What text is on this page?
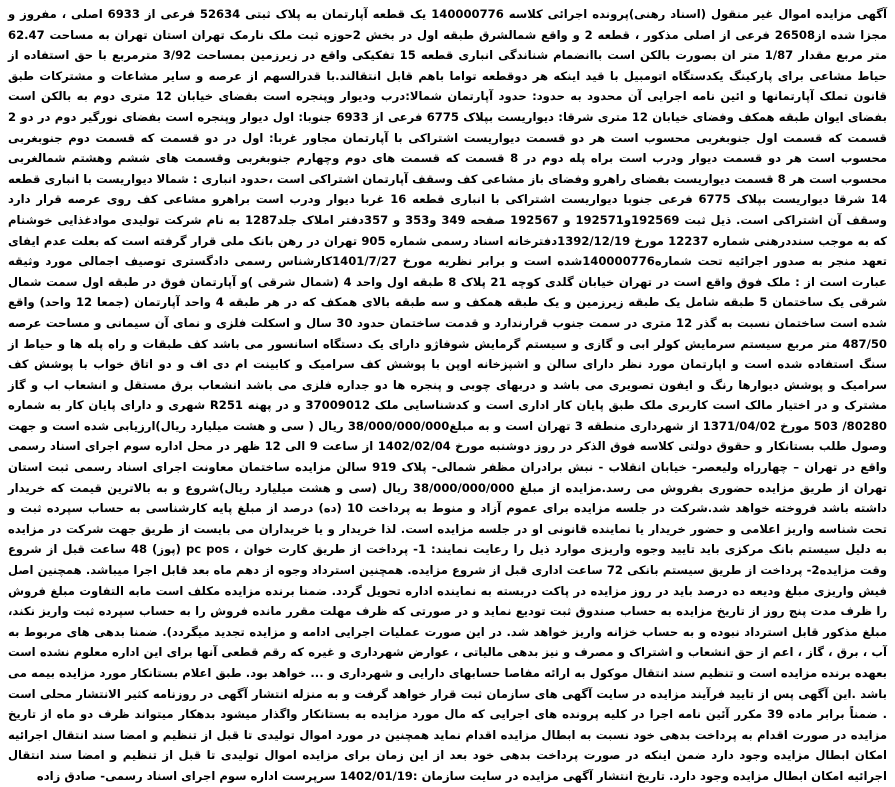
آگهی مزایده اموال غیر منقول (اسناد رهنی)پرونده اجرائی کلاسه 140000776 یک قطعه آپارتمان به پلاک ثبتی 52634 فرعی از 6933 اصلی ، مفروز و مجزا شده از26508 فرعی از اصلی مذکور ، قطعه 2 و واقع شمالشرق طبقه اول در بخش 2حوزه ثبت ملک نارمک تهران استان تهران به مساحت 62.47 متر مربع مقدار 1/87 متر ان بصورت بالکن است باانضمام شناندگی انباری قطعه 15 تفکیکی واقع در زیرزمین بمساحت 3/92 مترمربع با حق استفاده از حیاط مشاعی برای پارکینگ یکدستگاه اتومبیل با قید اینکه هر دوقطعه تواما باهم قابل انتقالند.با قدرالسهم از عرصه و سایر مشاعات و مشترکات طبق قانون تملک آپارتمانها و ائین نامه اجرایی آن محدود به حدود: حدود آپارتمان شمالا:درب ودیوار وپنجره است بفضای خیابان 12 متری دوم به بالکن است بفضای ایوان طبقه همکف وفضای خیابان 12 متری شرقا: دیواریست بپلاک 6775 فرعی از 6933 جنوبا: اول دیوار وپنجره است بفضای نورگیر دوم در دو 2 قسمت که قسمت اول جنوبغربی محسوب است هر دو قسمت دیواریست اشتراکی با آپارتمان مجاور غربا: اول در دو قسمت که قسمت دوم جنوبغربی محسوب است هر دو قسمت دیوار ودرب است براه پله دوم در 8 قسمت که قسمت های دوم وچهارم جنوبغربی وقسمت های ششم وهشتم شمالغربی محسوب است هر 8 قسمت دیواریست بفضای راهرو وفضای باز مشاعی کف وسقف آپارتمان اشتراکی است ،حدود انباری : شمالا دیواریست با انباری قطعه 14 شرقا دیواریست بپلاک 6775 فرعی جنوبا دیواریست اشتراکی با انباری قطعه 16 غربا دیوار ودرب است براهرو مشاعی کف روی عرصه قرار دارد وسقف آن اشتراکی است. ذیل ثبت 192569و192571 و 192567 صفحه 349 و353 و 357دفتر املاک جلد1287 به نام شرکت تولیدی موادغذایی خوشنام که به موجب سنددرهنی شماره 12237 مورخ 1392/12/19دفترخانه اسناد رسمی شماره 905 تهران در رهن بانک ملی قرار گرفته است که بعلت عدم ایفای تعهد منجر به صدور اجرائیه تحت شماره140000776شده است و برابر نظریه مورخ 1401/7/27کارشناس رسمی دادگستری توصیف اجمالی مورد وثیقه عبارت است از : ملک فوق واقع است در تهران خیابان گلدی کوچه 21 پلاک 8 طبقه اول واحد 4 (شمال شرقی )و آپارتمان فوق در طبقه اول سمت شمال شرقی یک ساختمان 5 طبقه شامل یک طبقه زیرزمین و یک طبقه همکف و سه طبقه بالای همکف که در هر طبقه 4 واحد آپارتمان (جمعا 12 واحد) واقع شده است ساختمان نسبت به گذر 12 متری در سمت جنوب قرارندارد و قدمت ساختمان حدود 30 سال و اسکلت فلزی و نمای آن سیمانی و مساحت عرصه 487/50 متر مربع سیستم سرمایش کولر ابی و گازی و سیستم گرمایش شوفاژو دارای یک دستگاه اسانسور می باشد کف طبقات و راه پله ها و حیاط از سنگ استفاده شده است و اپارتمان مورد نظر دارای سالن و اشپزخانه اوپن با پوشش کف سرامیک و کابینت ام دی اف و دو اتاق خواب با پوشش کف سرامیک و پوشش دیوارها رنگ و ایفون تصویری می باشد و دربهای چوبی و پنجره ها دو جداره فلزی می باشد انشعاب برق مستقل و انشعاب اب و گاز مشترک و در اختیار مالک است کاربری ملک طبق پایان کار اداری است و کدشناسایی ملک 37009012 و در پهنه R251 شهری و دارای پایان کار به شماره 80280/ 503 مورخ 1371/04/02 از شهرداری منطقه 3 تهران است و به مبلغ38/000/000/000 ریال ( سی و هشت میلیارد ریال)ارزیابی شده است و جهت وصول طلب بستانکار و حقوق دولتی کلاسه فوق الذکر در روز دوشنبه مورخ 1402/02/04 از ساعت 9 الی 12 ظهر در محل اداره سوم اجرای اسناد رسمی واقع در تهران – چهارراه ولیعصر- خیابان انقلاب - نبش برادران مظفر شمالی- پلاک 919 سالن مزایده ساختمان معاونت اجرای اسناد رسمی ثبت استان تهران از طریق مزایده حضوری بفروش می رسد.مزایده از مبلغ 38/000/000/000 ریال (سی و هشت میلیارد ریال)شروع و به بالاترین قیمت که خریدار داشته باشد فروخته خواهد شد.شرکت در جلسه مزایده برای عموم آزاد و منوط به پرداخت 10 (ده) درصد از مبلغ پایه کارشناسی به حساب سپرده ثبت و تحت شناسه واریز اعلامی و حضور خریدار یا نماینده قانونی او در جلسه مزایده است. لذا خریدار و یا خریداران می بایست از طریق جهت شرکت در مزایده به دلیل سیستم بانک مرکزی باید تایید وجوه واریزی موارد ذیل را رعایت نمایند: 1- پرداخت از طریق کارت خوان ، pc pos (پوز) 48 ساعت قبل از شروع وقت مزایده2- پرداخت از طریق سیستم بانکی 72 ساعت اداری قبل از شروع مزایده. همچنین استرداد وجوه از دهم ماه بعد قابل اجرا میباشد. همچنین اصل فیش واریزی مبلغ ودیعه ده درصد باید در روز مزایده در پاکت دربسته به نماینده اداره تحویل گردد. ضمنا برنده مزایده مکلف است مابه التفاوت مبلغ فروش را ظرف مدت پنج روز از تاریخ مزایده به حساب صندوق ثبت تودیع نماید و در صورتی که ظرف مهلت مقرر مانده فروش را به حساب سپرده ثبت واریز نکند، مبلغ مذکور قابل استرداد نبوده و به حساب خزانه واریز خواهد شد. در این صورت عملیات اجرایی ادامه و مزایده تجدید میگردد). ضمنا بدهی های مربوط به آب ، برق ، گاز ، اعم از حق انشعاب و اشتراک و مصرف و نیز بدهی مالیاتی ، عوارض شهرداری و غیره که رقم قطعی آنها برای این اداره معلوم نشده است بعهده برنده مزایده است و تنظیم سند انتقال موکول به ارائه مفاصا حسابهای دارایی و شهرداری و ... خواهد بود. طبق اعلام بستانکار مورد مزایده بیمه می باشد .این آگهی پس از تایید فرآیند مزایده در سایت آگهی های سازمان ثبت قرار خواهد گرفت و به منزله انتشار آگهی در روزنامه کثیر الانتشار محلی است . ضمناً برابر ماده 39 مکرر آئین نامه اجرا در کلیه پرونده های اجرایی که مال مورد مزایده به بستانکار واگذار میشود بدهکار میتواند ظرف دو ماه از تاریخ مزایده در صورت اقدام به پرداخت بدهی خود نسبت به ابطال مزایده اقدام نماید همچنین در مورد اموال تولیدی تا قبل از تنظیم و امضا سند انتقال اجرائیه امکان ابطال مزایده وجود دارد ضمن اینکه در صورت پرداخت بدهی خود بعد از این زمان برای مزایده اموال تولیدی تا قبل از تنظیم و امضا سند انتقال اجرائیه امکان ابطال مزایده وجود دارد. تاریخ انتشار آگهی مزایده در سایت سازمان :1402/01/19 سرپرست اداره سوم اجرای اسناد رسمی- صادق زاده
